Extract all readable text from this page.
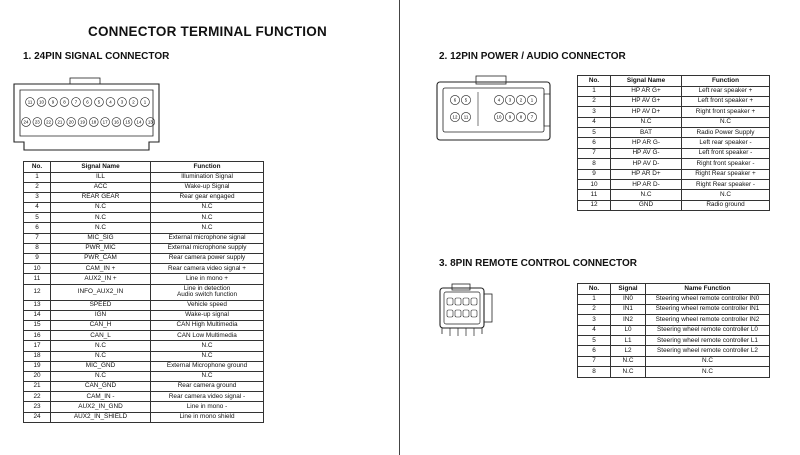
CONNECTOR TERMINAL FUNCTION
1. 24PIN SIGNAL CONNECTOR
11 10 9 8 7 6 5 4 3 2 1
24 23 22 21 20 19 18 17 16 15 14 13
No.	Signal Name	Function
1	ILL	Illumination Signal
2	ACC	Wake-up Signal
3	REAR GEAR	Rear gear engaged
4	N.C	N.C
5	N.C	N.C
6	N.C	N.C
7	MIC_SIG	External microphone signal
8	PWR_MIC	External microphone supply
9	PWR_CAM	Rear camera power supply
10	CAM_IN +	Rear camera video signal +
11	AUX2_IN +	Line in mono +
12	INFO_AUX2_IN	Line in detection
Audio switch function

13	SPEED	Vehicle speed
14	IGN	Wake-up signal
15	CAN_H	CAN High Multimedia
16	CAN_L	CAN Low Multimedia
17	N.C	N.C
18	N.C	N.C
19	MIC_GND	External Microphone ground
20	N.C	N.C
21	CAN_GND	Rear camera ground
22	CAM_IN -	Rear camera video signal -
23	AUX2_IN_GND	Line in mono -
24	AUX2_IN_SHIELD	Line in mono shield
2. 12PIN POWER / AUDIO CONNECTOR
6 5
12 11
4 3 2 1
10 9 8 7
No.	Signal Name	Function
1	HP AR G+	Left rear speaker +
2	HP AV G+	Left front speaker +
3	HP AV D+	Right front speaker +
4	N.C	N.C
5	BAT	Radio Power Supply
6	HP AR G-	Left rear speaker -
7	HP AV G-	Left front speaker -
8	HP AV D-	Right front speaker -
9	HP AR D+	Right Rear speaker +
10	HP AR D-	Right Rear speaker -
11	N.C	N.C
12	GND	Radio ground
3. 8PIN REMOTE CONTROL CONNECTOR
No.	Signal	Name Function
1	IN0	Steering wheel remote controller IN0
2	IN1	Steering wheel remote controller IN1
3	IN2	Steering wheel remote controller IN2
4	L0	Steering wheel remote controller L0
5	L1	Steering wheel remote controller L1
6	L2	Steering wheel remote controller L2
7	N.C	N.C
8	N.C	N.C
